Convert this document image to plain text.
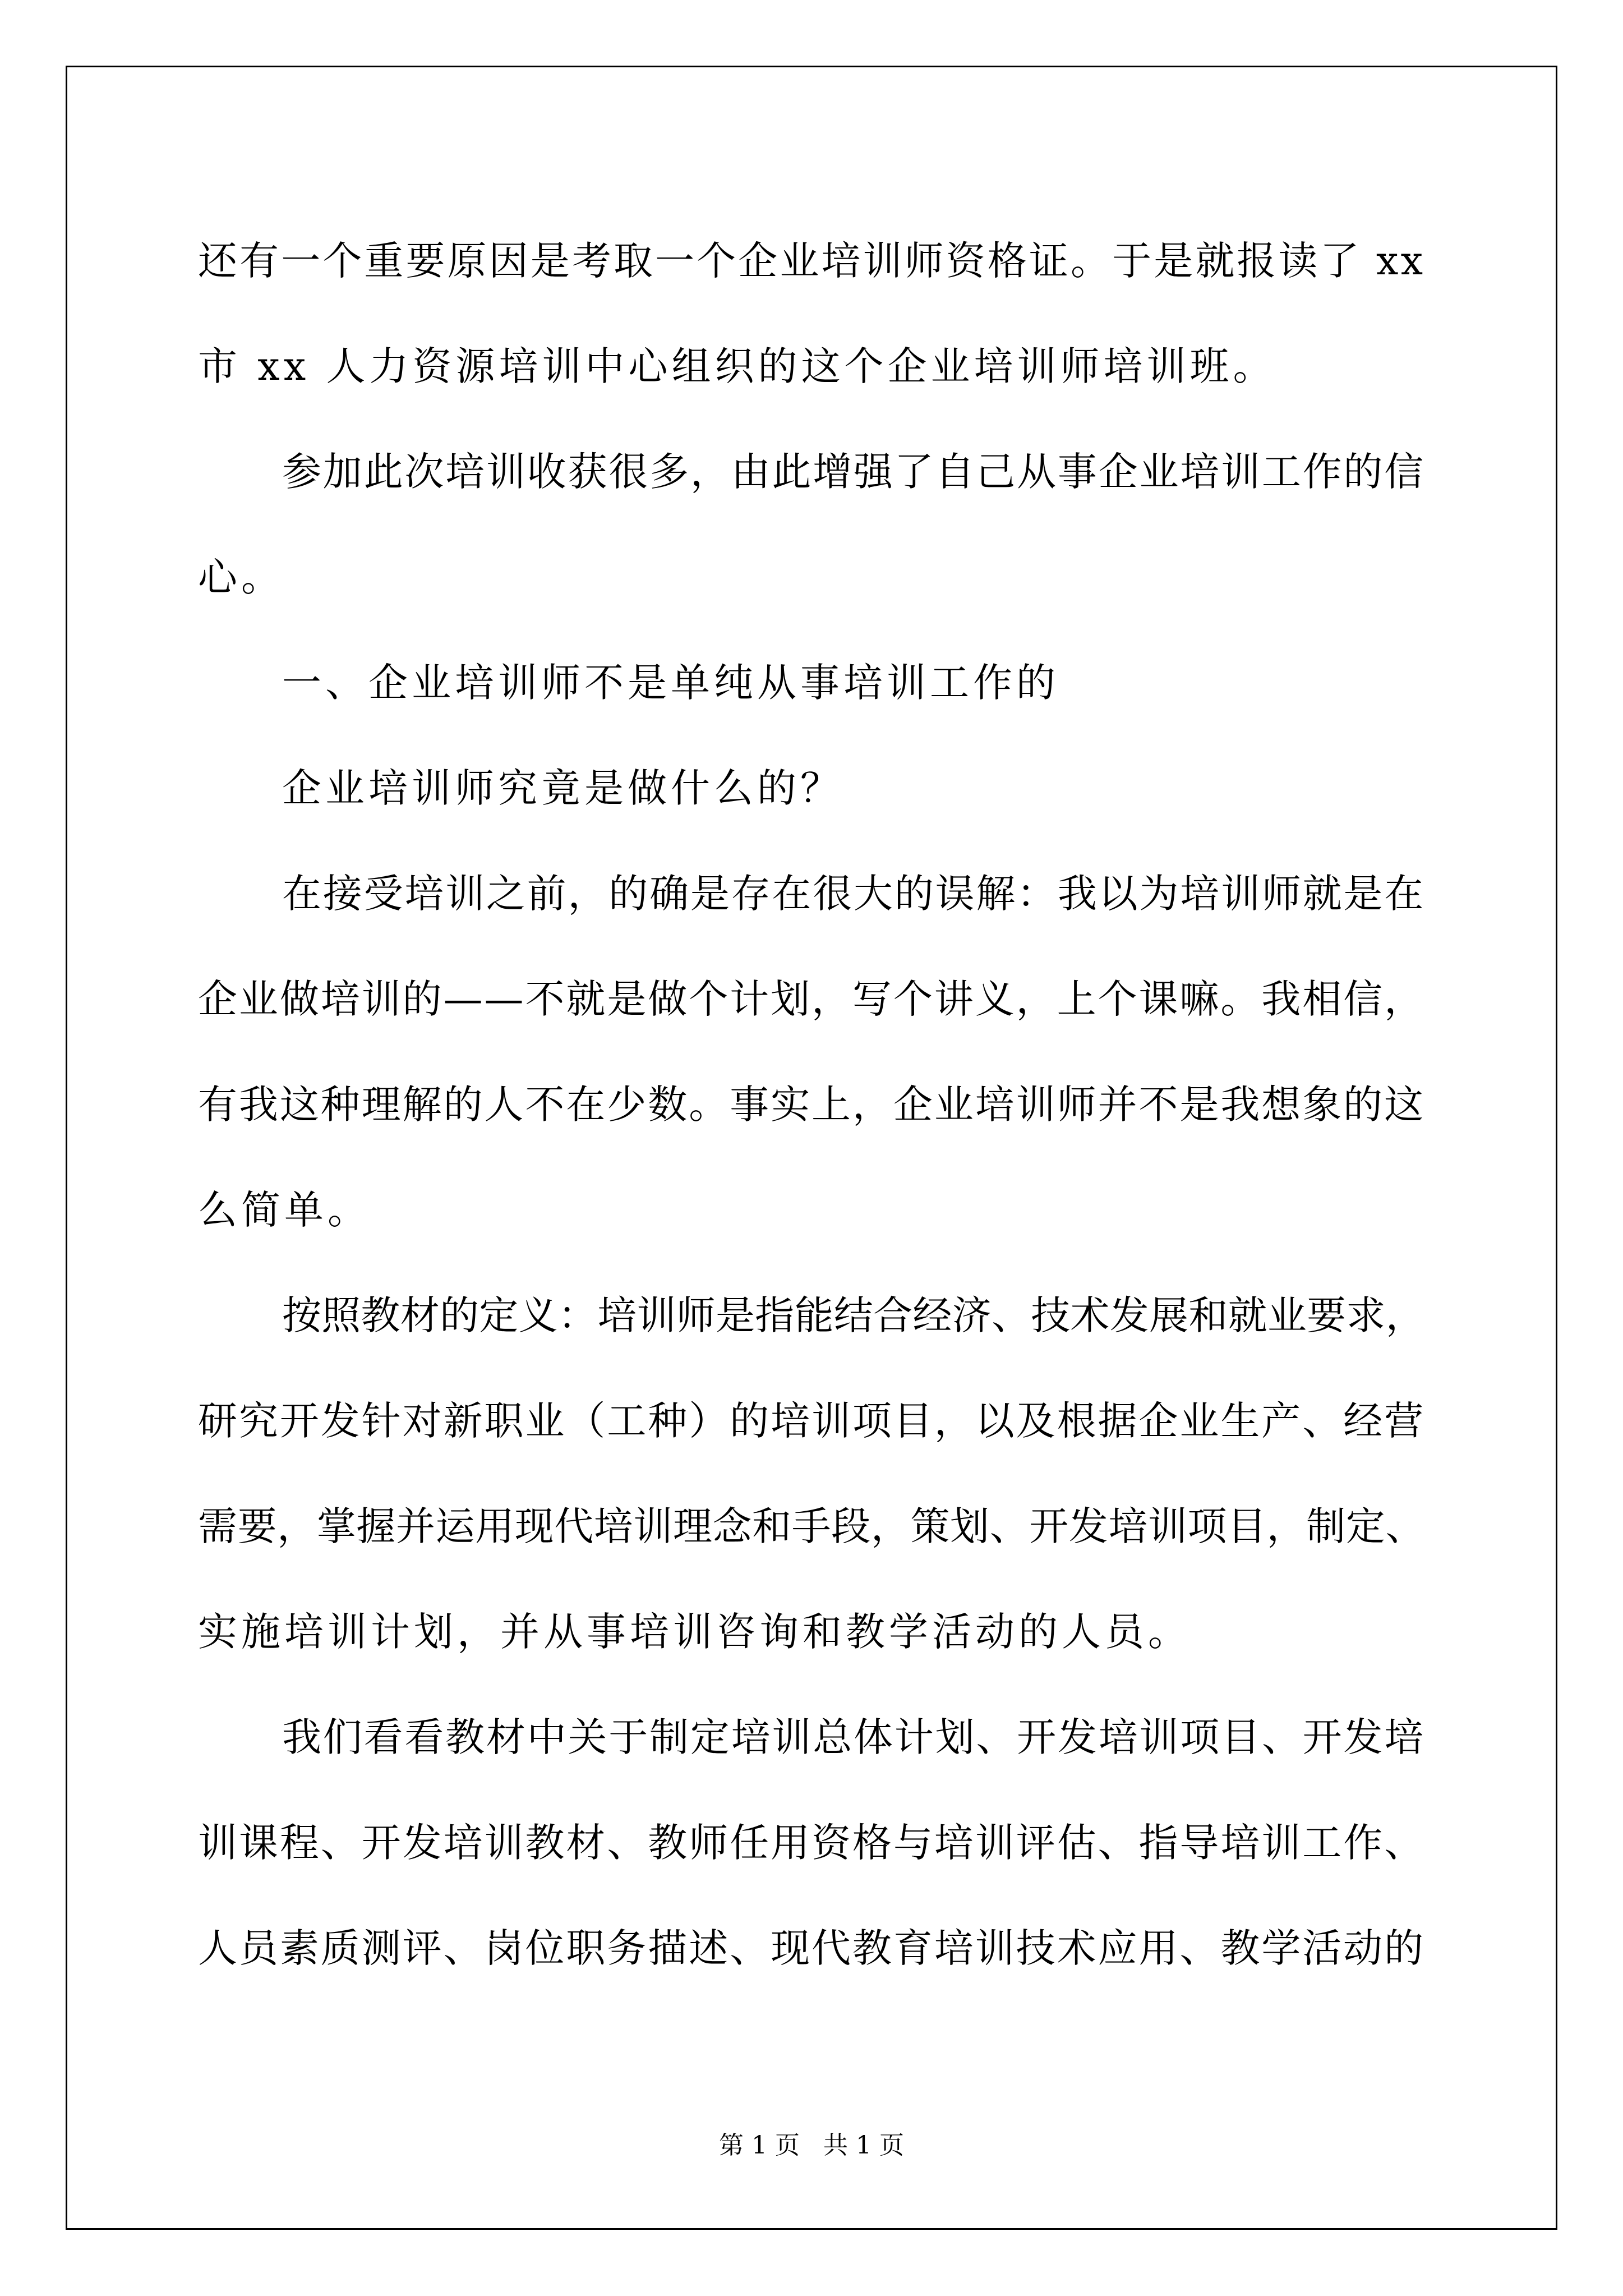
还有一个重要原因是考取一个企业培训师资格证。于是就报读了 xx
市 xx 人力资源培训中心组织的这个企业培训师培训班。
参加此次培训收获很多，由此增强了自己从事企业培训工作的信
心。
一、企业培训师不是单纯从事培训工作的
企业培训师究竟是做什么的？
在接受培训之前，的确是存在很大的误解：我以为培训师就是在
企业做培训的——不就是做个计划，写个讲义，上个课嘛。我相信，
有我这种理解的人不在少数。事实上，企业培训师并不是我想象的这
么简单。
按照教材的定义：培训师是指能结合经济、技术发展和就业要求，
研究开发针对新职业（工种）的培训项目，以及根据企业生产、经营
需要，掌握并运用现代培训理念和手段，策划、开发培训项目，制定、
实施培训计划，并从事培训咨询和教学活动的人员。
我们看看教材中关于制定培训总体计划、开发培训项目、开发培
训课程、开发培训教材、教师任用资格与培训评估、指导培训工作、
人员素质测评、岗位职务描述、现代教育培训技术应用、教学活动的
第 1 页   共 1 页
